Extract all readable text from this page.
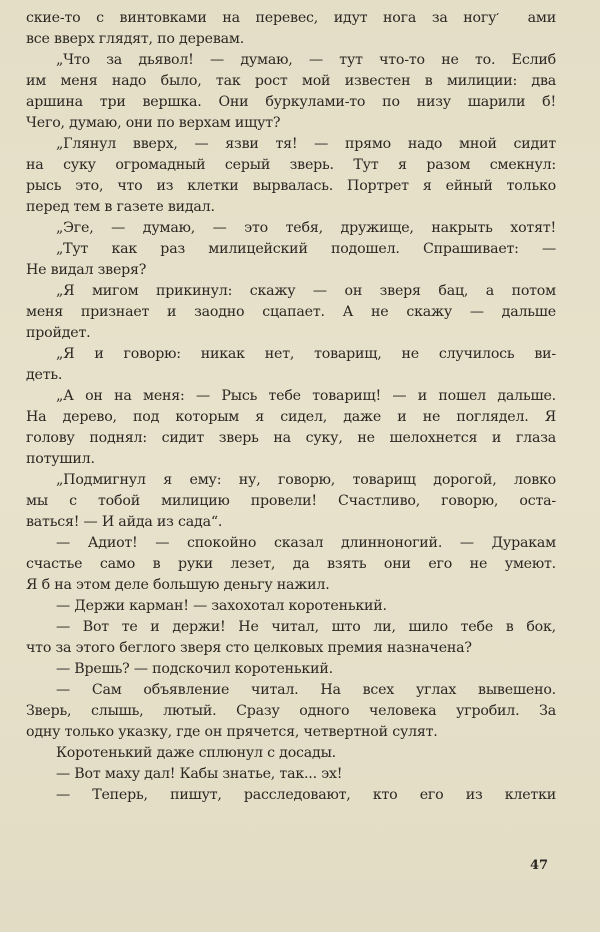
ские-то с винтовками на перевес, идут нога за ногу ̒ ами
все вверх глядят, по деревам.
„Что за дьявол! — думаю, — тут что-то не то. Еслиб
им меня надо было, так рост мой известен в милиции: два
аршина три вершка. Они буркулами-то по низу шарили б!
Чего, думаю, они по верхам ищут?
„Глянул вверх, — язви тя! — прямо надо мной сидит
на суку огромадный серый зверь. Тут я разом смекнул:
рысь это, что из клетки вырвалась. Портрет я ейный только
перед тем в газете видал.
„Эге, — думаю, — это тебя, дружище, накрыть хотят!
„Тут как раз милицейский подошел. Спрашивает: —
Не видал зверя?
„Я мигом прикинул: скажу — он зверя бац, а потом
меня признает и заодно сцапает. А не скажу — дальше
пройдет.
„Я и говорю: никак нет, товарищ, не случилось ви-
деть.
„А он на меня: — Рысь тебе товарищ! — и пошел дальше.
На дерево, под которым я сидел, даже и не поглядел. Я
голову поднял: сидит зверь на суку, не шелохнется и глаза
потушил.
„Подмигнул я ему: ну, говорю, товарищ дорогой, ловко
мы с тобой милицию провели! Счастливо, говорю, оста-
ваться! — И айда из сада“.
— Адиот! — спокойно сказал длинноногий. — Дуракам
счастье само в руки лезет, да взять они его не умеют.
Я б на этом деле большую деньгу нажил.
— Держи карман! — захохотал коротенький.
— Вот те и держи! Не читал, што ли, шило тебе в бок,
что за этого беглого зверя сто целковых премия назначена?
— Врешь? — подскочил коротенький.
— Сам объявление читал. На всех углах вывешено.
Зверь, слышь, лютый. Сразу одного человека угробил. За
одну только указку, где он прячется, четвертной сулят.
Коротенький даже сплюнул с досады.
— Вот маху дал! Кабы знатье, так... эх!
— Теперь, пишут, расследовают, кто его из клетки
47
